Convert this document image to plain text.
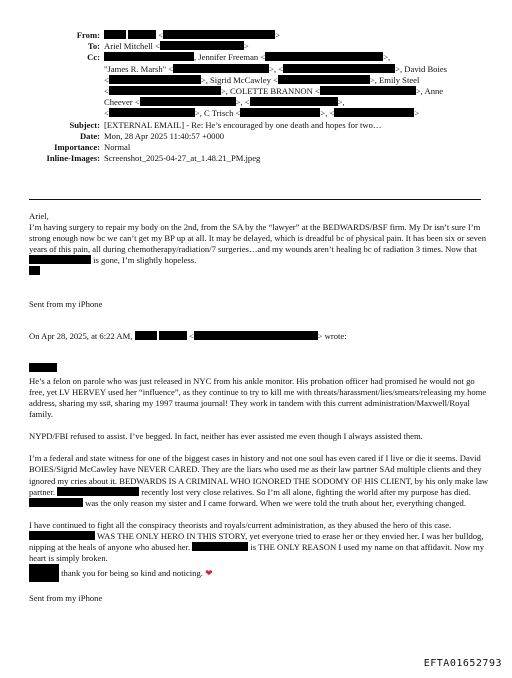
From:	<	>
To: Ariel Mitchell <	>
Cc:	, Jennifer Freeman <	>,
"James R. Marsh" <	>, <	>, David Boies
<	>, Sigrid McCawley <	>, Emily Steel
<	>, COLETTE BRANNON <	>, Anne
Cheever <	>, <	>,
<	>, C Trisch <	>, <	>
Subject: [EXTERNAL EMAIL] - Re: He’s encouraged by one death and hopes for two…
Date: Mon, 28 Apr 2025 11:40:57 +0000
Importance: Normal
Inline-Images: Screenshot_2025-04-27_at_1.48.21_PM.jpeg
Ariel,

I’m having surgery to repair my body on the 2nd, from the SA by the “lawyer” at the BEDWARDS/BSF firm. My Dr isn’t sure I’m strong enough now bc we can’t get my BP up at all. It may be delayed, which is dreadful bc of physical pain. It has been six or seven years of this pain, all during chemotherapy/radiation/7 surgeries…and my wounds aren’t healing bc of radiation 3 times. Now that  is gone, I’m slightly hopeless.

Sent from my iPhone

On Apr 28, 2025, at 6:22 AM,	<	> wrote:

He’s a felon on parole who was just released in NYC from his ankle monitor. His probation officer had promised he would not go free, yet LV HERVEY used her “influence”, as they continue to try to kill me with threats/harassment/lies/smears/releasing my home address, sharing my ss#, sharing my 1997 trauma journal! They work in tandem with this current administration/Maxwell/Royal family.

NYPD/FBI refused to assist. I’ve begged. In fact, neither has ever assisted me even though I always assisted them.

I’m a federal and state witness for one of the biggest cases in history and not one soul has even cared if I live or die it seems. David BOIES/Sigrid McCawley have NEVER CARED. They are the liars who used me as their law partner SAd multiple clients and they ignored my cries about it. BEDWARDS IS A CRIMINAL WHO IGNORED THE SODOMY OF HIS CLIENT, by his only make law partner.	recently lost very close relatives. So I’m all alone, fighting the world after my purpose has died.  was the only reason my sister and I came forward. When we were told the truth about her, everything changed.

I have continued to fight all the conspiracy theorists and royals/current administration, as they abused the hero of this case.  WAS THE ONLY HERO IN THIS STORY, yet everyone tried to erase her or they envied her. I was her bulldog, nipping at the heals of anyone who abused her.	is THE ONLY REASON I used my name on that affidavit. Now my heart is simply broken.

thank you for being so kind and noticing. ❤

Sent from my iPhone
EFTA01652793
